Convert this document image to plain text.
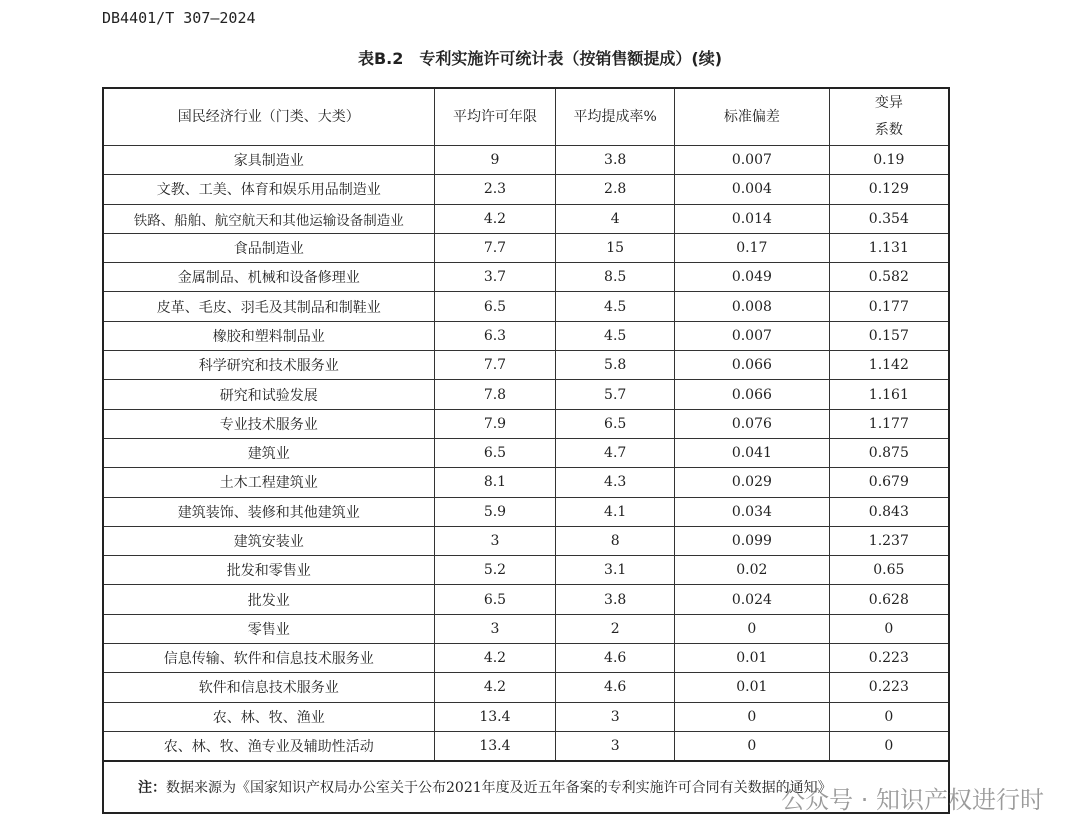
DB4401/T 307—2024
表B.2　专利实施许可统计表（按销售额提成）(续)
国民经济行业（门类、大类）	平均许可年限	平均提成率%	标准偏差	变异系数
家具制造业	9	3.8	0.007	0.19
文教、工美、体育和娱乐用品制造业	2.3	2.8	0.004	0.129
铁路、船舶、航空航天和其他运输设备制造业	4.2	4	0.014	0.354
食品制造业	7.7	15	0.17	1.131
金属制品、机械和设备修理业	3.7	8.5	0.049	0.582
皮革、毛皮、羽毛及其制品和制鞋业	6.5	4.5	0.008	0.177
橡胶和塑料制品业	6.3	4.5	0.007	0.157
科学研究和技术服务业	7.7	5.8	0.066	1.142
研究和试验发展	7.8	5.7	0.066	1.161
专业技术服务业	7.9	6.5	0.076	1.177
建筑业	6.5	4.7	0.041	0.875
土木工程建筑业	8.1	4.3	0.029	0.679
建筑装饰、装修和其他建筑业	5.9	4.1	0.034	0.843
建筑安装业	3	8	0.099	1.237
批发和零售业	5.2	3.1	0.02	0.65
批发业	6.5	3.8	0.024	0.628
零售业	3	2	0	0
信息传输、软件和信息技术服务业	4.2	4.6	0.01	0.223
软件和信息技术服务业	4.2	4.6	0.01	0.223
农、林、牧、渔业	13.4	3	0	0
农、林、牧、渔专业及辅助性活动	13.4	3	0	0
注：数据来源为《国家知识产权局办公室关于公布2021年度及近五年备案的专利实施许可合同有关数据的通知》				
公众号 · 知识产权进行时
